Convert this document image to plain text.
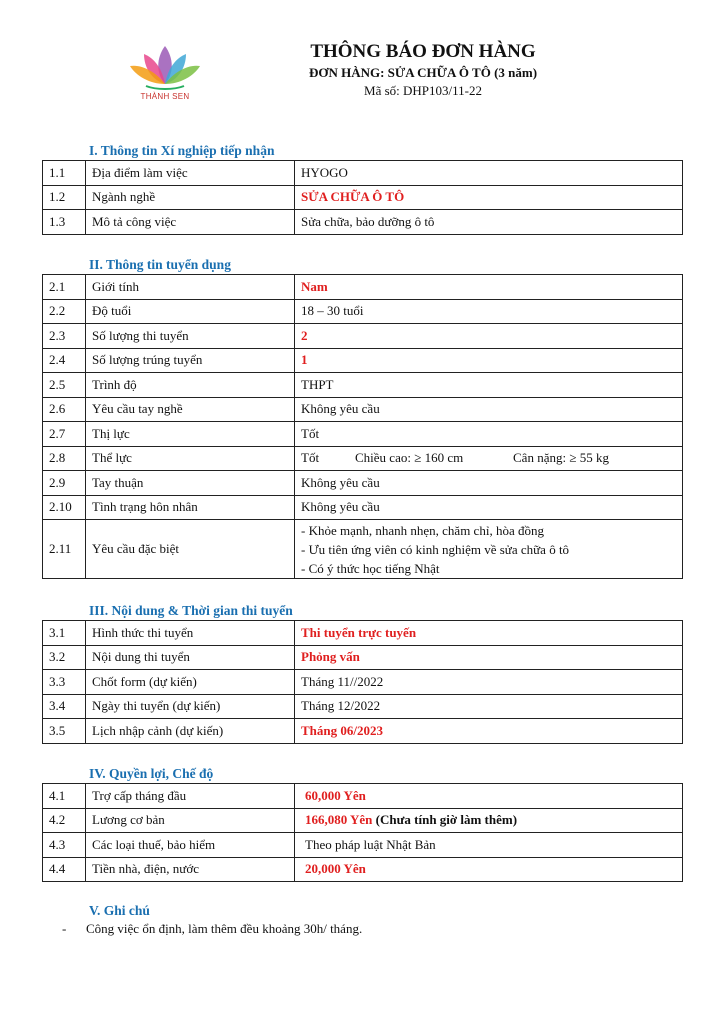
THÀNH SEN
THÔNG BÁO ĐƠN HÀNG
ĐƠN HÀNG: SỬA CHỮA Ô TÔ (3 năm)
Mã số: DHP103/11-22
I. Thông tin Xí nghiệp tiếp nhận
1.1	Địa điểm làm việc	HYOGO
1.2	Ngành nghề	SỬA CHỮA Ô TÔ
1.3	Mô tả công việc	Sửa chữa, bảo dưỡng ô tô
II. Thông tin tuyển dụng
2.1	Giới tính	Nam
2.2	Độ tuổi	18 – 30 tuổi
2.3	Số lượng thi tuyển	2
2.4	Số lượng trúng tuyển	1
2.5	Trình độ	THPT
2.6	Yêu cầu tay nghề	Không yêu cầu
2.7	Thị lực	Tốt
2.8	Thể lực	Tốt Chiều cao: ≥ 160 cm Cân nặng: ≥ 55 kg
2.9	Tay thuận	Không yêu cầu
2.10	Tình trạng hôn nhân	Không yêu cầu
2.11	Yêu cầu đặc biệt	- Khỏe mạnh, nhanh nhẹn, chăm chỉ, hòa đồng
- Ưu tiên ứng viên có kinh nghiệm về sửa chữa ô tô
- Có ý thức học tiếng Nhật
III. Nội dung & Thời gian thi tuyển
3.1	Hình thức thi tuyển	Thi tuyển trực tuyến
3.2	Nội dung thi tuyển	Phỏng vấn
3.3	Chốt form (dự kiến)	Tháng 11//2022
3.4	Ngày thi tuyển (dự kiến)	Tháng 12/2022
3.5	Lịch nhập cảnh (dự kiến)	Tháng 06/2023
IV. Quyền lợi, Chế độ
4.1	Trợ cấp tháng đầu	60,000 Yên
4.2	Lương cơ bản	166,080 Yên (Chưa tính giờ làm thêm)
4.3	Các loại thuế, bảo hiểm	Theo pháp luật Nhật Bản
4.4	Tiền nhà, điện, nước	20,000 Yên
V. Ghi chú
- Công việc ổn định, làm thêm đều khoảng 30h/ tháng.
